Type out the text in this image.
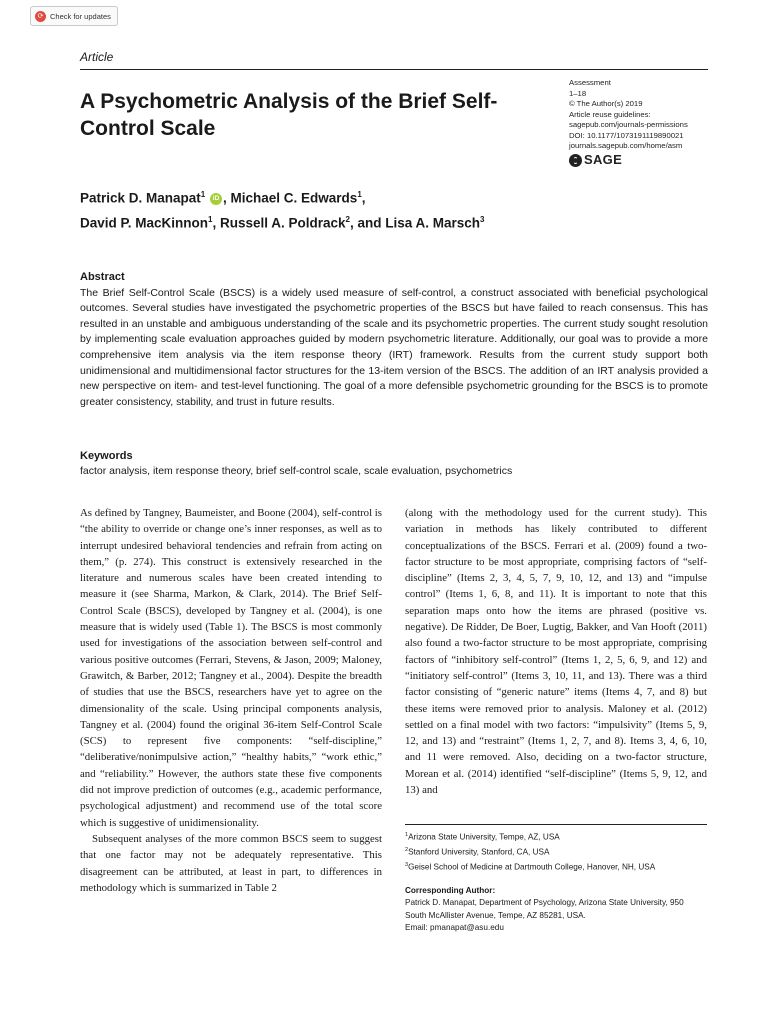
⟳ Check for updates
Article
A Psychometric Analysis of the Brief Self-Control Scale
Assessment
1–18
© The Author(s) 2019
Article reuse guidelines:
sagepub.com/journals-permissions
DOI: 10.1177/1073191119890021
journals.sagepub.com/home/asm
SAGE
Patrick D. Manapat$^1$ iD , Michael C. Edwards$^1$,
David P. MacKinnon$^1$, Russell A. Poldrack$^2$, and Lisa A. Marsch$^3$
Abstract

The Brief Self-Control Scale (BSCS) is a widely used measure of self-control, a construct associated with beneficial psychological outcomes. Several studies have investigated the psychometric properties of the BSCS but have failed to reach consensus. This has resulted in an unstable and ambiguous understanding of the scale and its psychometric properties. The current study sought resolution by implementing scale evaluation approaches guided by modern psychometric literature. Additionally, our goal was to provide a more comprehensive item analysis via the item response theory (IRT) framework. Results from the current study support both unidimensional and multidimensional factor structures for the 13-item version of the BSCS. The addition of an IRT analysis provided a new perspective on item- and test-level functioning. The goal of a more defensible psychometric grounding for the BSCS is to promote greater consistency, stability, and trust in future results.

Keywords
factor analysis, item response theory, brief self-control scale, scale evaluation, psychometrics

As defined by Tangney, Baumeister, and Boone (2004), self-control is “the ability to override or change one’s inner responses, as well as to interrupt undesired behavioral tendencies and refrain from acting on them,” (p. 274). This construct is extensively researched in the literature and numerous scales have been created intending to measure it (see Sharma, Markon, & Clark, 2014). The Brief Self-Control Scale (BSCS), developed by Tangney et al. (2004), is one measure that is widely used (Table 1). The BSCS is most commonly used for investigations of the association between self-control and various positive outcomes (Ferrari, Stevens, & Jason, 2009; Maloney, Grawitch, & Barber, 2012; Tangney et al., 2004). Despite the breadth of studies that use the BSCS, researchers have yet to agree on the dimensionality of the scale. Using principal components analysis, Tangney et al. (2004) found the original 36-item Self-Control Scale (SCS) to represent five components: “self-discipline,” “deliberative/nonimpulsive action,” “healthy habits,” “work ethic,” and “reliability.” However, the authors state these five components did not improve prediction of outcomes (e.g., academic performance, psychological adjustment) and recommend use of the total score which is suggestive of unidimensionality.

Subsequent analyses of the more common BSCS seem to suggest that one factor may not be adequately representative. This disagreement can be attributed, at least in part, to differences in methodology which is summarized in Table 2

(along with the methodology used for the current study). This variation in methods has likely contributed to different conceptualizations of the BSCS. Ferrari et al. (2009) found a two-factor structure to be most appropriate, comprising factors of “self-discipline” (Items 2, 3, 4, 5, 7, 9, 10, 12, and 13) and “impulse control” (Items 1, 6, 8, and 11). It is important to note that this separation maps onto how the items are phrased (positive vs. negative). De Ridder, De Boer, Lugtig, Bakker, and Van Hooft (2011) also found a two-factor structure to be most appropriate, comprising factors of “inhibitory self-control” (Items 1, 2, 5, 6, 9, and 12) and “initiatory self-control” (Items 3, 10, 11, and 13). There was a third factor consisting of “generic nature” items (Items 4, 7, and 8) but these items were removed prior to analysis. Maloney et al. (2012) settled on a final model with two factors: “impulsivity” (Items 5, 9, 12, and 13) and “restraint” (Items 1, 2, 7, and 8). Items 3, 4, 6, 10, and 11 were removed. Also, deciding on a two-factor structure, Morean et al. (2014) identified “self-discipline” (Items 5, 9, 12, and 13) and

$^1$Arizona State University, Tempe, AZ, USA
$^2$Stanford University, Stanford, CA, USA
$^3$Geisel School of Medicine at Dartmouth College, Hanover, NH, USA
Corresponding Author:
Patrick D. Manapat, Department of Psychology, Arizona State University, 950 South McAllister Avenue, Tempe, AZ 85281, USA.
Email: pmanapat@asu.edu
